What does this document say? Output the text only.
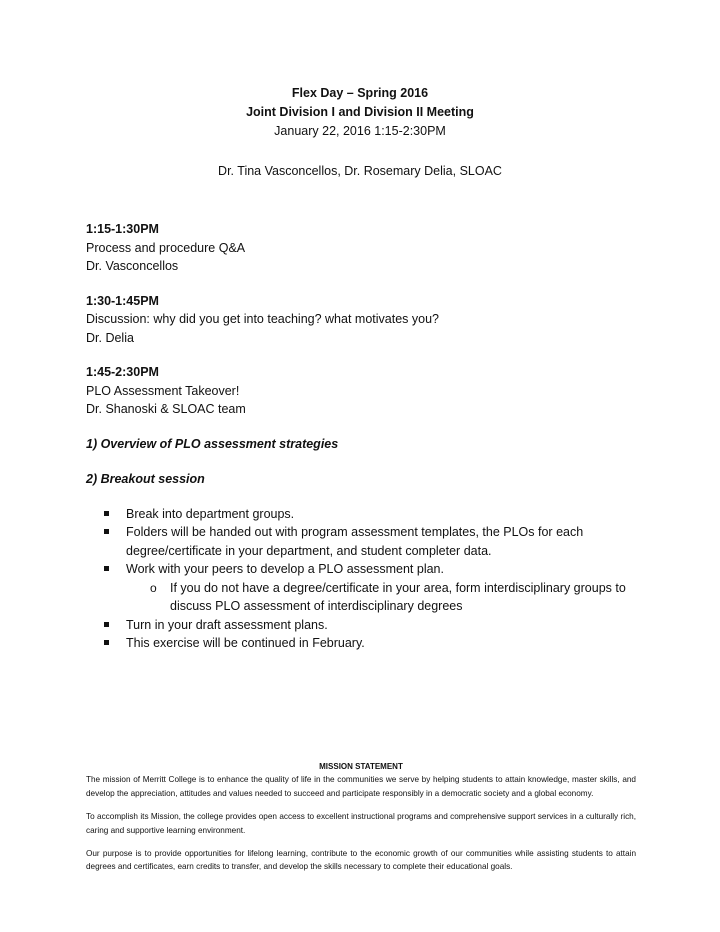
Flex Day – Spring 2016
Joint Division I and Division II Meeting
January 22, 2016 1:15-2:30PM
Dr. Tina Vasconcellos, Dr. Rosemary Delia, SLOAC
1:15-1:30PM
Process and procedure Q&A
Dr. Vasconcellos
1:30-1:45PM
Discussion: why did you get into teaching? what motivates you?
Dr. Delia
1:45-2:30PM
PLO Assessment Takeover!
Dr. Shanoski & SLOAC team
1) Overview of PLO assessment strategies
2) Breakout session
Break into department groups.
Folders will be handed out with program assessment templates, the PLOs for each degree/certificate in your department, and student completer data.
Work with your peers to develop a PLO assessment plan.
o If you do not have a degree/certificate in your area, form interdisciplinary groups to discuss PLO assessment of interdisciplinary degrees
Turn in your draft assessment plans.
This exercise will be continued in February.
MISSION STATEMENT

The mission of Merritt College is to enhance the quality of life in the communities we serve by helping students to attain knowledge, master skills, and develop the appreciation, attitudes and values needed to succeed and participate responsibly in a democratic society and a global economy.

To accomplish its Mission, the college provides open access to excellent instructional programs and comprehensive support services in a culturally rich, caring and supportive learning environment.

Our purpose is to provide opportunities for lifelong learning, contribute to the economic growth of our communities while assisting students to attain degrees and certificates, earn credits to transfer, and develop the skills necessary to complete their educational goals.
